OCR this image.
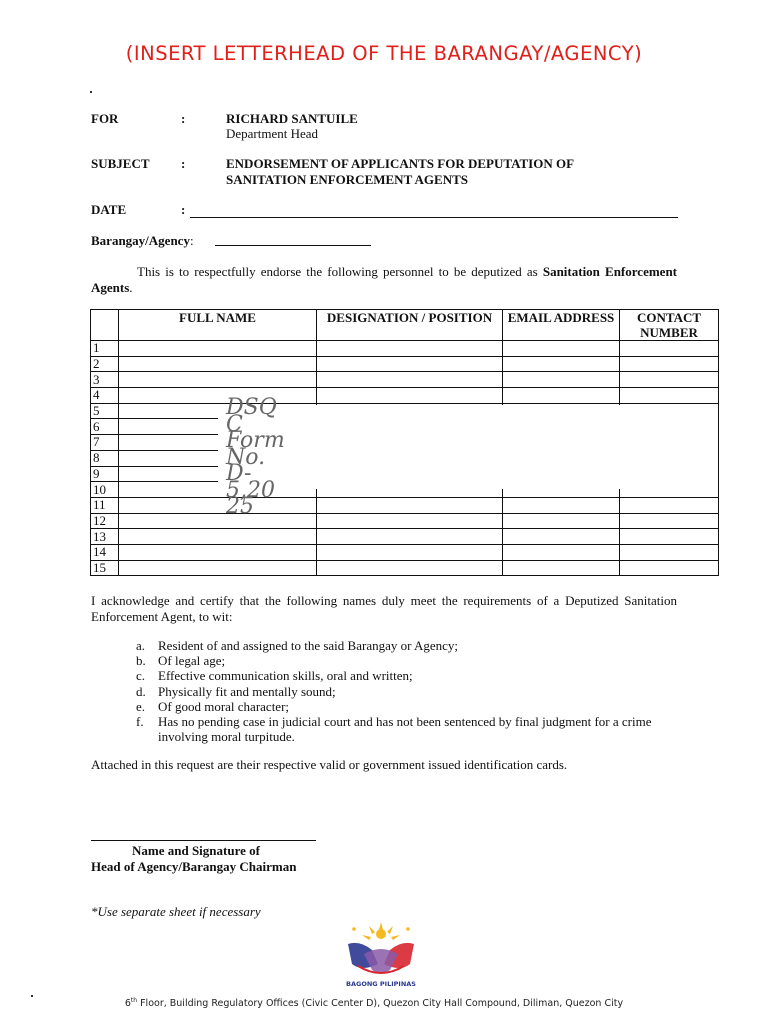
(INSERT LETTERHEAD OF THE BARANGAY/AGENCY)
FOR	:	RICHARD SANTUILE
Department Head
SUBJECT :	ENDORSEMENT OF APPLICANTS FOR DEPUTATION OF
SANITATION ENFORCEMENT AGENTS
DATE	:
Barangay/Agency:
This is to respectfully endorse the following personnel to be deputized as Sanitation Enforcement Agents.
	FULL NAME	DESIGNATION / POSITION	EMAIL ADDRESS	CONTACT NUMBER
1				
2				
3				
4				
5				
6				
7				
8				
9				
10				
11				
12				
13				
14				
15				
DSQC Form No. D-5,2025
I acknowledge and certify that the following names duly meet the requirements of a Deputized Sanitation Enforcement Agent, to wit:
a. Resident of and assigned to the said Barangay or Agency;
b. Of legal age;
c. Effective communication skills, oral and written;
d. Physically fit and mentally sound;
e. Of good moral character;
f. Has no pending case in judicial court and has not been sentenced by final judgment for a crime involving moral turpitude.
Attached in this request are their respective valid or government issued identification cards.
Name and Signature of
Head of Agency/Barangay Chairman
*Use separate sheet if necessary
BAGONG PILIPINAS
6th Floor, Building Regulatory Offices (Civic Center D), Quezon City Hall Compound, Diliman, Quezon City
